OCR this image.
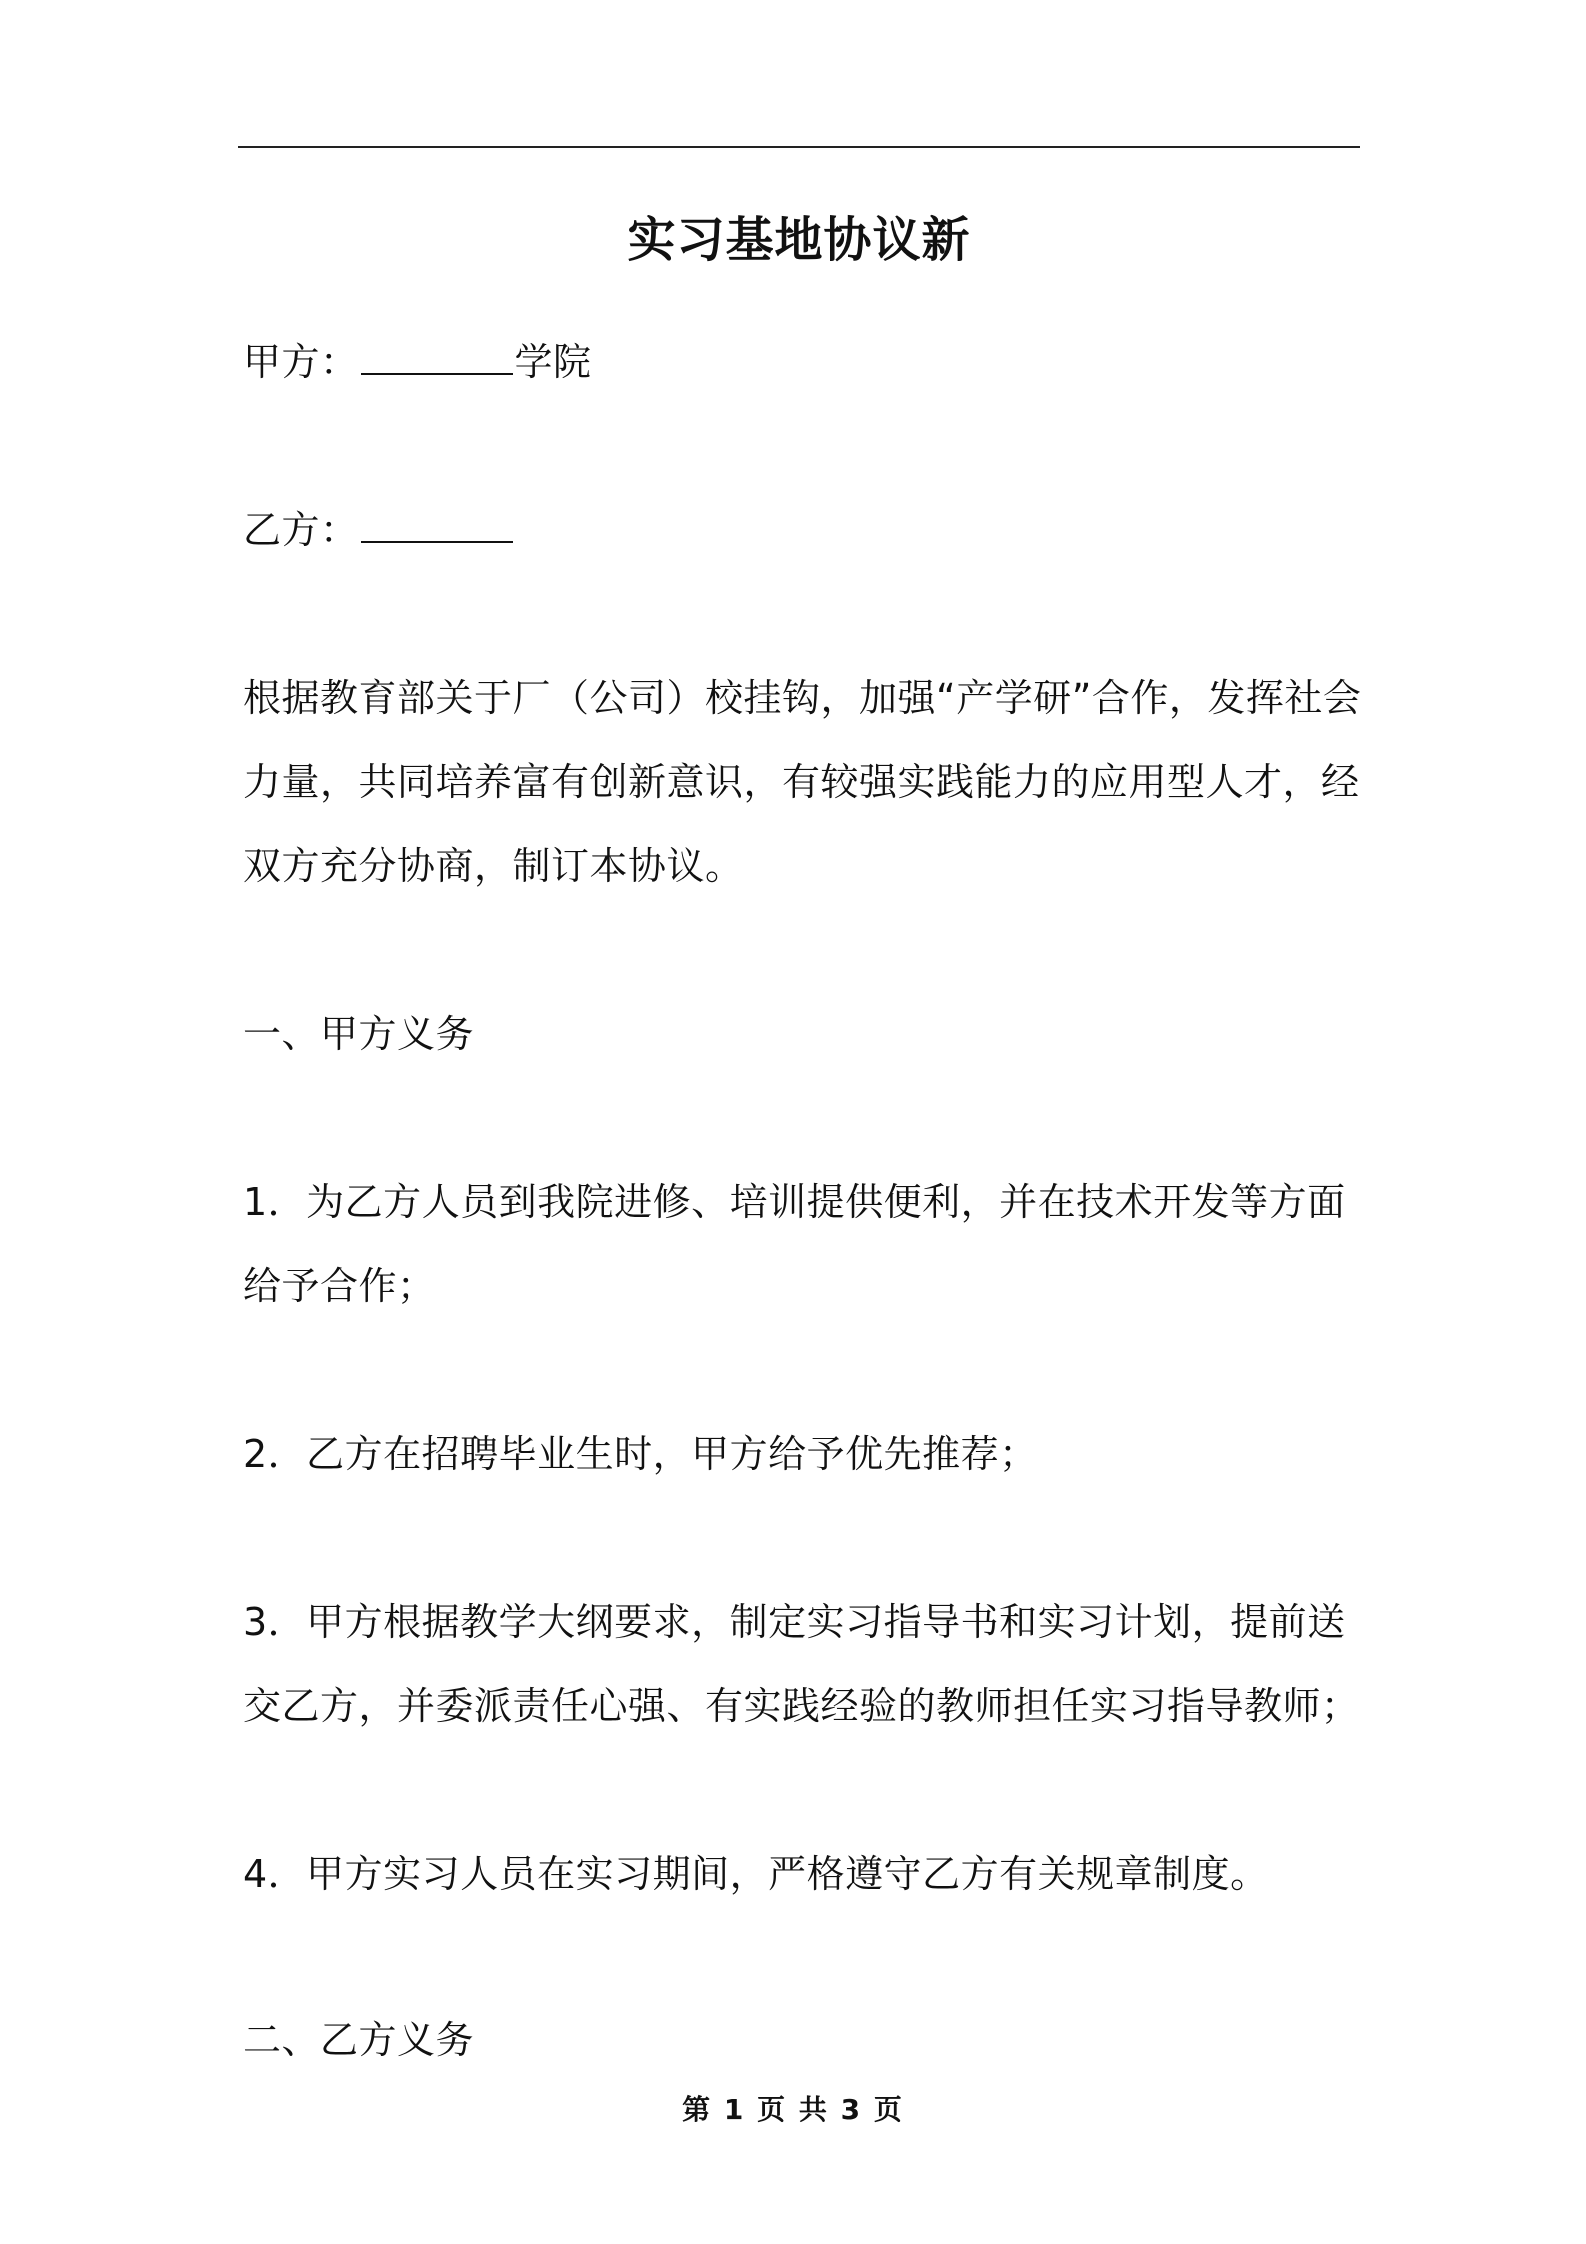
实习基地协议新

甲方：	学院

乙方：

根据教育部关于厂（公司）校挂钩，加强“产学研”合作，发挥社会力量，共同培养富有创新意识，有较强实践能力的应用型人才，经双方充分协商，制订本协议。

一、甲方义务

1．为乙方人员到我院进修、培训提供便利，并在技术开发等方面给予合作；

2．乙方在招聘毕业生时，甲方给予优先推荐；

3．甲方根据教学大纲要求，制定实习指导书和实习计划，提前送交乙方，并委派责任心强、有实践经验的教师担任实习指导教师；

4．甲方实习人员在实习期间，严格遵守乙方有关规章制度。

二、乙方义务

第 1 页 共 3 页
